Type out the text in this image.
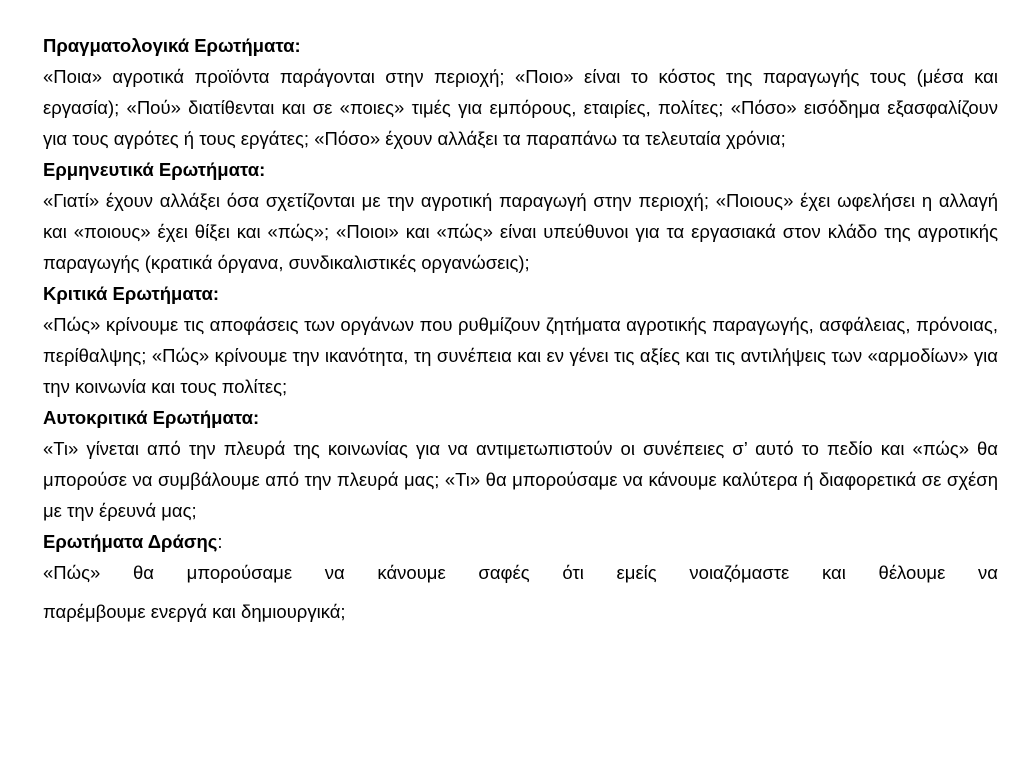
Πραγματολογικά Ερωτήματα:

«Ποια» αγροτικά προϊόντα παράγονται στην περιοχή; «Ποιο» είναι το κόστος της παραγωγής τους (μέσα και εργασία); «Πού» διατίθενται και σε «ποιες» τιμές για εμπόρους, εταιρίες, πολίτες; «Πόσο» εισόδημα εξασφαλίζουν για τους αγρότες ή τους εργάτες; «Πόσο» έχουν αλλάξει τα παραπάνω τα τελευταία χρόνια;

Ερμηνευτικά Ερωτήματα:

«Γιατί» έχουν αλλάξει όσα σχετίζονται με την αγροτική παραγωγή στην περιοχή; «Ποιους» έχει ωφελήσει η αλλαγή και «ποιους» έχει θίξει και «πώς»; «Ποιοι» και «πώς» είναι υπεύθυνοι για τα εργασιακά στον κλάδο της αγροτικής παραγωγής (κρατικά όργανα, συνδικαλιστικές οργανώσεις);

Κριτικά Ερωτήματα:

«Πώς» κρίνουμε τις αποφάσεις των οργάνων που ρυθμίζουν ζητήματα αγροτικής παραγωγής, ασφάλειας, πρόνοιας, περίθαλψης; «Πώς» κρίνουμε την ικανότητα, τη συνέπεια και εν γένει τις αξίες και τις αντιλήψεις των «αρμοδίων» για την κοινωνία και τους πολίτες;

Αυτοκριτικά Ερωτήματα:

«Τι» γίνεται από την πλευρά της κοινωνίας για να αντιμετωπιστούν οι συνέπειες σ’ αυτό το πεδίο και «πώς» θα μπορούσε να συμβάλουμε από την πλευρά μας; «Τι» θα μπορούσαμε να κάνουμε καλύτερα ή διαφορετικά σε σχέση με την έρευνά μας;

Ερωτήματα Δράσης:

«Πώς» θα μπορούσαμε να κάνουμε σαφές ότι εμείς νοιαζόμαστε και θέλουμε να
παρέμβουμε ενεργά και δημιουργικά;
